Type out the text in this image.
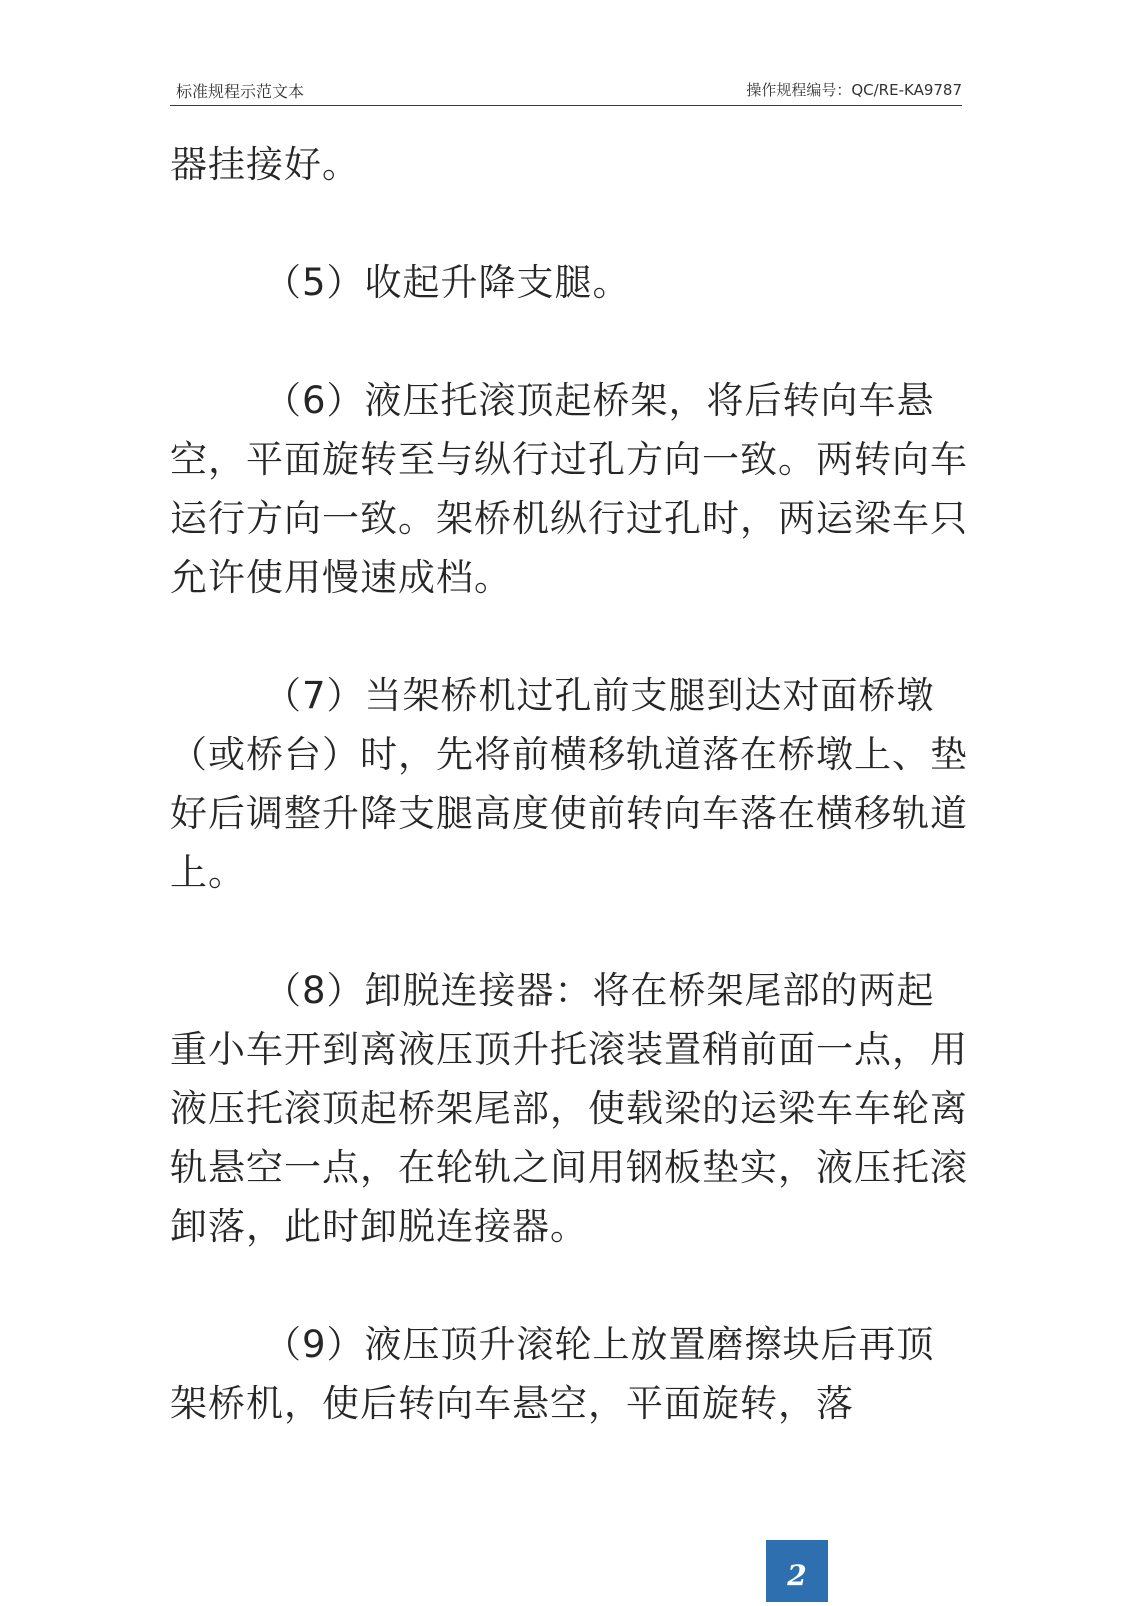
标准规程示范文本	操作规程编号：QC/RE-KA9787

器挂接好。

（5）收起升降支腿。

（6）液压托滚顶起桥架，将后转向车悬空，平面旋转至与纵行过孔方向一致。两转向车运行方向一致。架桥机纵行过孔时，两运梁车只允许使用慢速成档。

（7）当架桥机过孔前支腿到达对面桥墩（或桥台）时，先将前横移轨道落在桥墩上、垫好后调整升降支腿高度使前转向车落在横移轨道上。

（8）卸脱连接器：将在桥架尾部的两起重小车开到离液压顶升托滚装置稍前面一点，用液压托滚顶起桥架尾部，使载梁的运梁车车轮离轨悬空一点，在轮轨之间用钢板垫实，液压托滚卸落，此时卸脱连接器。

（9）液压顶升滚轮上放置磨擦块后再顶架桥机，使后转向车悬空，平面旋转，落

2
